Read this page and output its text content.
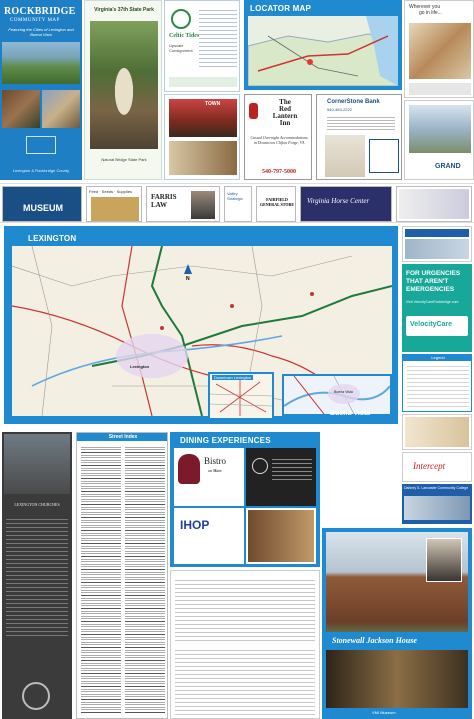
ROCKBRIDGE
COMMUNITY MAP
Featuring the Cities of Lexington and Buena Vista
Lexington & Rockbridge County
Virginia's 37th State Park
Natural Bridge State Park
Celtic Tides
Upscale Consignment
TOWN
LOCATOR MAP
The
Red
Lantern
Inn
Casual Overnight Accommodations in Downtown Clifton Forge, VA
540-797-5000
CornerStone Bank
540-463-2222
Wherever you
go in life...
GRAND
MUSEUM
Feed · Seeds · Supplies
FARRIS LAW
Valley Strategic	FAIRFIELD GENERAL STORE Virginia Horse Center
LEXINGTON
Lexington
N
Buena Vista
Downtown Lexington
Buena Vista
FOR URGENCIES
THAT AREN'T
EMERGENCIES
Visit VelocityCareRockbridge.com
VelocityCare
Legend
Intercept
Dabney S. Lancaster Community College
LEXINGTON CHURCHES
Street Index	DINING EXPERIENCES
Bistro
on Main
IHOP
Stonewall Jackson House
VMI Museum
